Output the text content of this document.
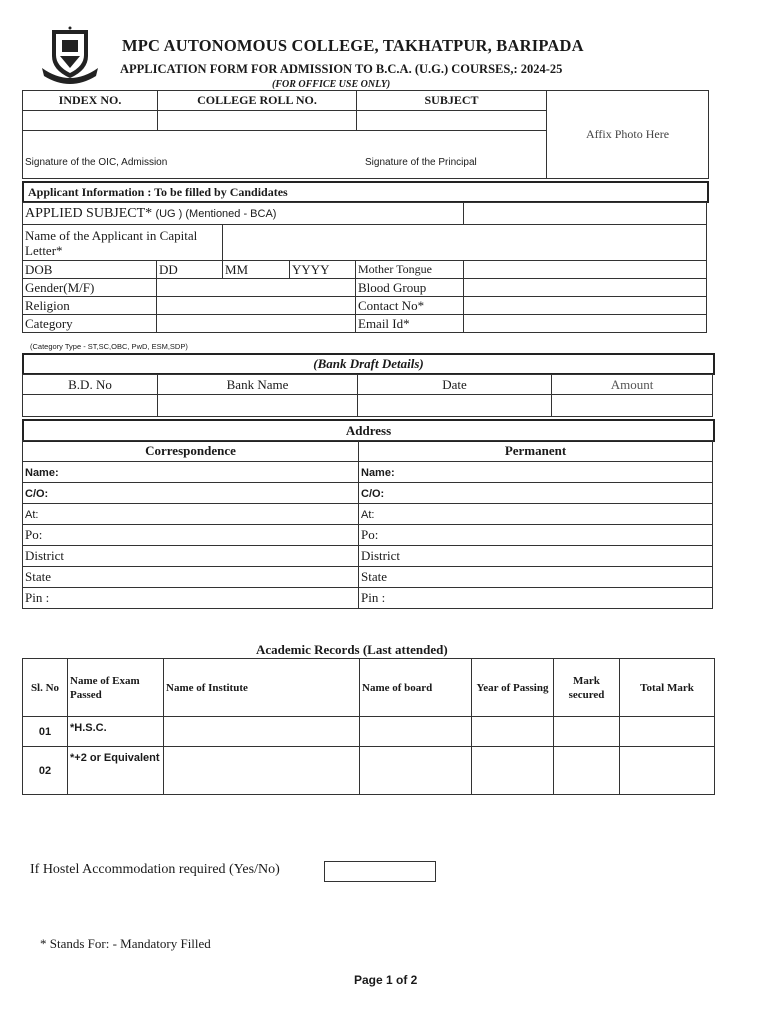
MPC AUTONOMOUS COLLEGE, TAKHATPUR, BARIPADA
APPLICATION FORM FOR ADMISSION TO B.C.A. (U.G.) COURSES,: 2024-25
(FOR OFFICE USE ONLY)
INDEX NO.	COLLEGE ROLL NO.	SUBJECT	Affix Photo Here

Signature of the OIC, Admission Signature of the Principal			
Applicant Information : To be filled by Candidates
APPLIED SUBJECT* (UG ) (Mentioned - BCA)					
Name of the Applicant in Capital Letter*					
DOB	DD	MM	YYYY	Mother Tongue	
Gender(M/F)				Blood Group	
Religion				Contact No*	
Category				Email Id*	
(Category Type - ST,SC,OBC, PwD, ESM,SDP)
(Bank Draft Details)
B.D. No	Bank Name	Date	Amount

Address
Correspondence	Permanent
Name:	Name:
C/O:	C/O:
At:	At:
Po:	Po:
District	District
State	State
Pin :	Pin :
Academic Records (Last attended)
Sl. No	Name of Exam Passed	Name of Institute	Name of board	Year of Passing	Mark secured	Total Mark
01	*H.S.C.					
02	*+2 or Equivalent					
If Hostel Accommodation required (Yes/No)
* Stands For: - Mandatory Filled
Page 1 of 2
